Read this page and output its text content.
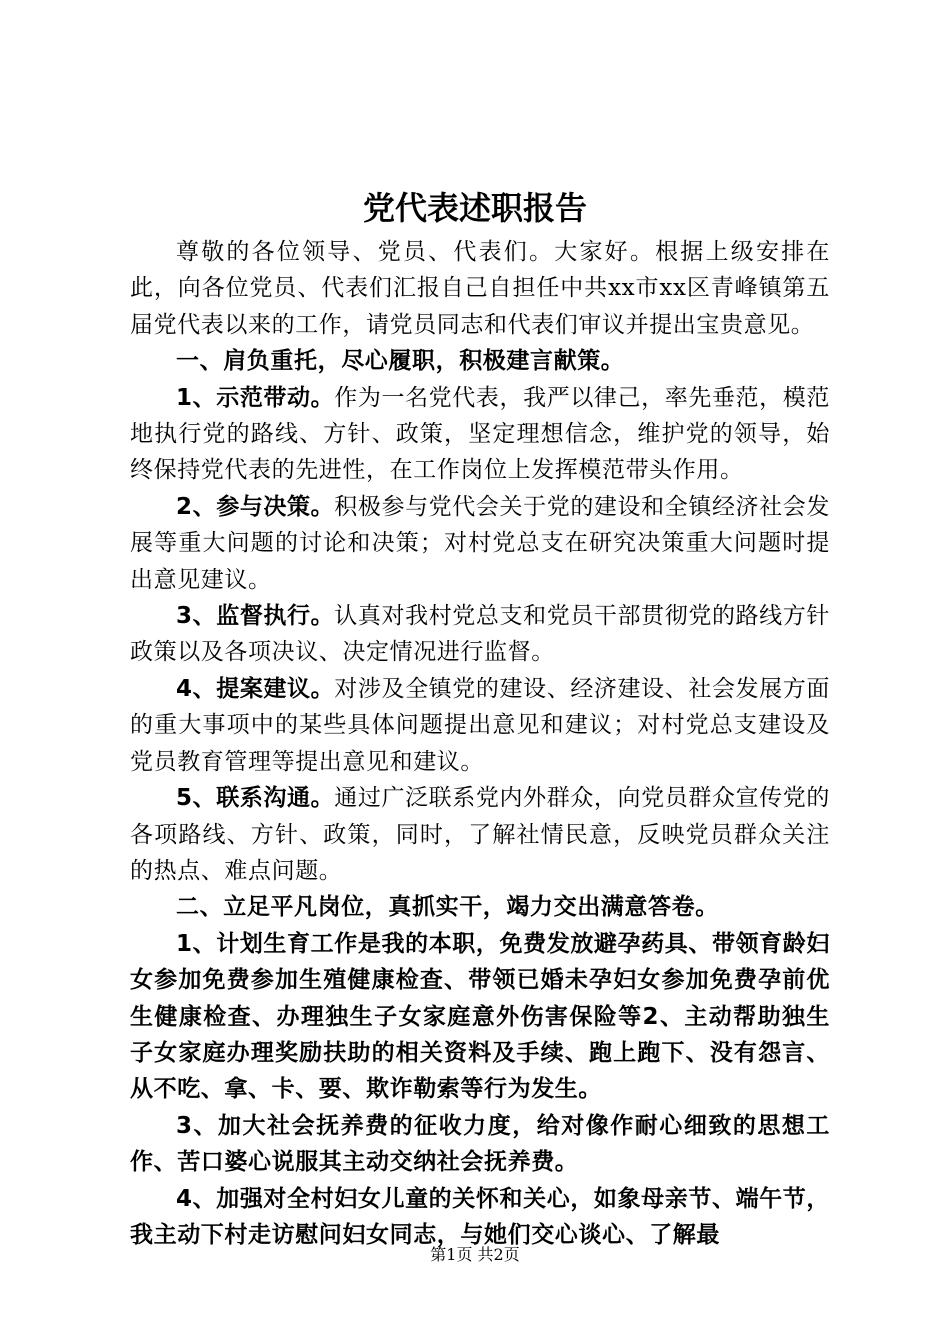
党代表述职报告

尊敬的各位领导、党员、代表们。大家好。根据上级安排在此，向各位党员、代表们汇报自己自担任中共xx市xx区青峰镇第五届党代表以来的工作，请党员同志和代表们审议并提出宝贵意见。

一、肩负重托，尽心履职，积极建言献策。

1、示范带动。作为一名党代表，我严以律己，率先垂范，模范地执行党的路线、方针、政策，坚定理想信念，维护党的领导，始终保持党代表的先进性，在工作岗位上发挥模范带头作用。

2、参与决策。积极参与党代会关于党的建设和全镇经济社会发展等重大问题的讨论和决策；对村党总支在研究决策重大问题时提出意见建议。

3、监督执行。认真对我村党总支和党员干部贯彻党的路线方针政策以及各项决议、决定情况进行监督。

4、提案建议。对涉及全镇党的建设、经济建设、社会发展方面的重大事项中的某些具体问题提出意见和建议；对村党总支建设及党员教育管理等提出意见和建议。

5、联系沟通。通过广泛联系党内外群众，向党员群众宣传党的各项路线、方针、政策，同时，了解社情民意，反映党员群众关注的热点、难点问题。

二、立足平凡岗位，真抓实干，竭力交出满意答卷。

1、计划生育工作是我的本职，免费发放避孕药具、带领育龄妇女参加免费参加生殖健康检查、带领已婚未孕妇女参加免费孕前优生健康检查、办理独生子女家庭意外伤害保险等2、主动帮助独生子女家庭办理奖励扶助的相关资料及手续、跑上跑下、没有怨言、从不吃、拿、卡、要、欺诈勒索等行为发生。

3、加大社会抚养费的征收力度，给对像作耐心细致的思想工作、苦口婆心说服其主动交纳社会抚养费。

4、加强对全村妇女儿童的关怀和关心，如象母亲节、端午节，我主动下村走访慰问妇女同志，与她们交心谈心、了解最

第1页 共2页
